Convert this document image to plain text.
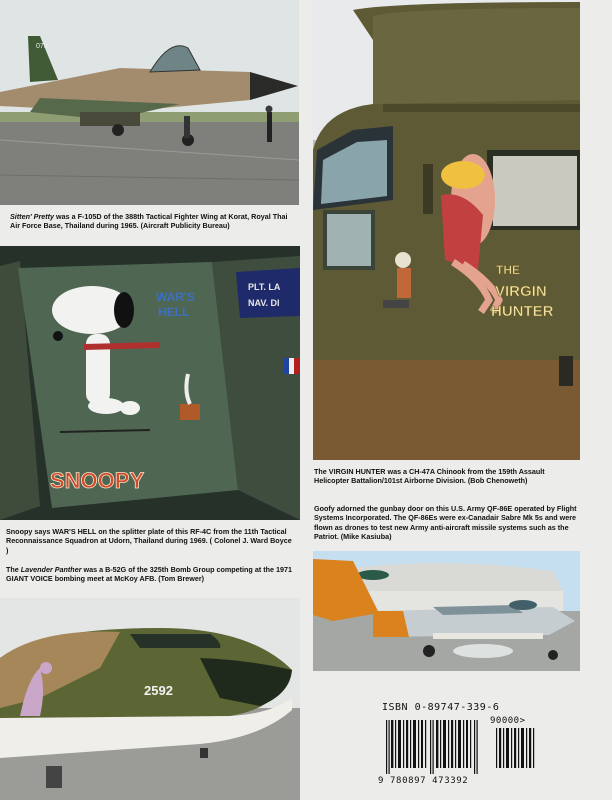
078
Sitten' Pretty was a F-105D of the 388th Tactical Fighter Wing at Korat, Royal Thai Air Force Base, Thailand during 1965. (Aircraft Publicity Bureau)
PLT. LA
NAV. DI
WAR'S
HELL
SNOOPY
Snoopy says WAR'S HELL on the splitter plate of this RF-4C from the 11th Tactical Reconnaissance Squadron at Udorn, Thailand during 1969. ( Colonel J. Ward Boyce )
The Lavender Panther was a B-52G of the 325th Bomb Group competing at the 1971 GIANT VOICE bombing meet at McKoy AFB. (Tom Brewer)
2592
THE
VIRGIN
HUNTER
The VIRGIN HUNTER was a CH-47A Chinook from the 159th Assault Helicopter Battalion/101st Airborne Division. (Bob Chenoweth)
Goofy adorned the gunbay door on this U.S. Army QF-86E operated by Flight Systems Incorporated. The QF-86Es were ex-Canadair Sabre Mk 5s and were flown as drones to test new Army anti-aircraft missile systems such as the Patriot. (Mike Kasiuba)
ISBN 0-89747-339-6
90000>
9 780897 473392
